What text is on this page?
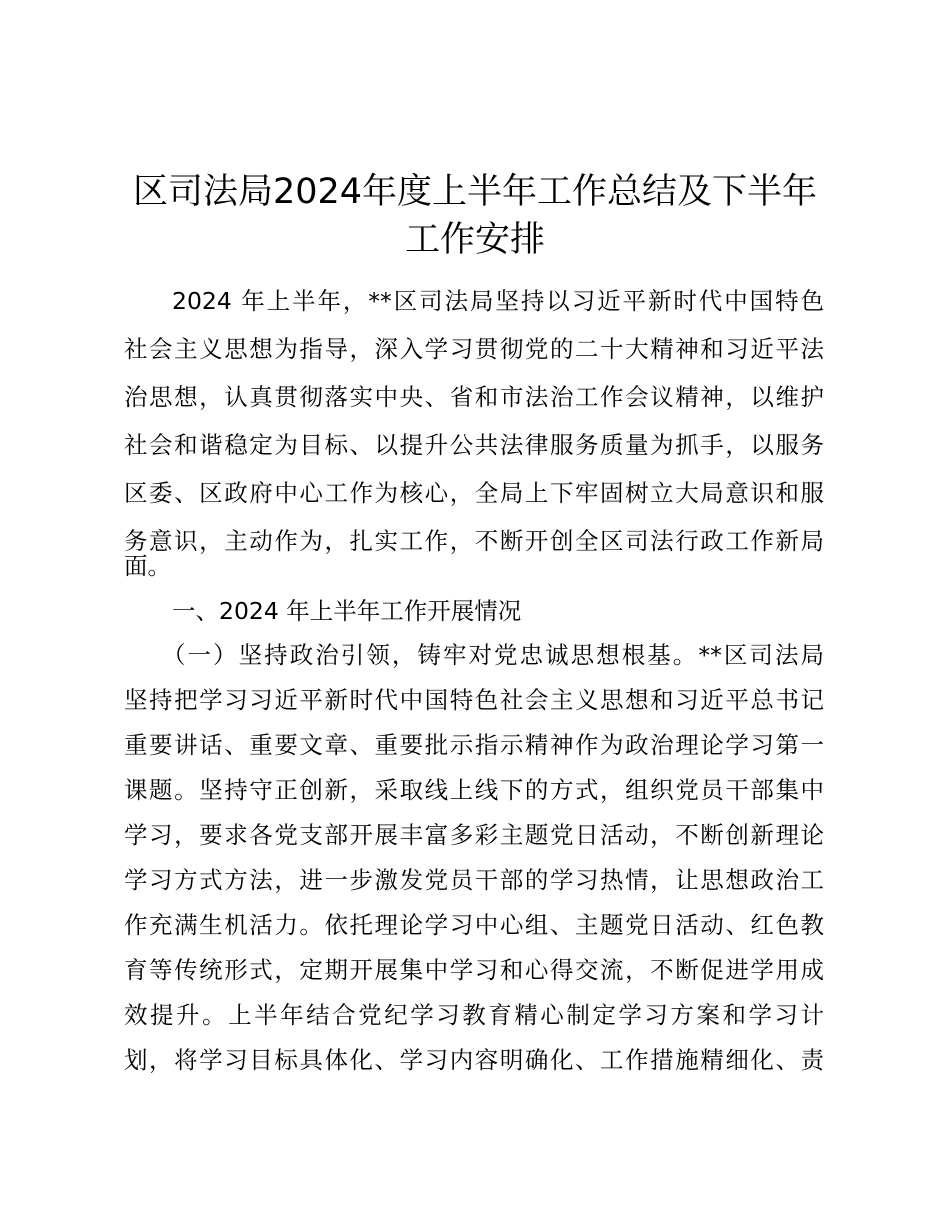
区司法局2024年度上半年工作总结及下半年
工作安排

2024 年上半年，**区司法局坚持以习近平新时代中国特色

社会主义思想为指导，深入学习贯彻党的二十大精神和习近平法

治思想，认真贯彻落实中央、省和市法治工作会议精神，以维护

社会和谐稳定为目标、以提升公共法律服务质量为抓手，以服务

区委、区政府中心工作为核心，全局上下牢固树立大局意识和服

务意识，主动作为，扎实工作，不断开创全区司法行政工作新局

面。

一、2024 年上半年工作开展情况

（一）坚持政治引领，铸牢对党忠诚思想根基。**区司法局

坚持把学习习近平新时代中国特色社会主义思想和习近平总书记

重要讲话、重要文章、重要批示指示精神作为政治理论学习第一

课题。坚持守正创新，采取线上线下的方式，组织党员干部集中

学习，要求各党支部开展丰富多彩主题党日活动，不断创新理论

学习方式方法，进一步激发党员干部的学习热情，让思想政治工

作充满生机活力。依托理论学习中心组、主题党日活动、红色教

育等传统形式，定期开展集中学习和心得交流，不断促进学用成

效提升。上半年结合党纪学习教育精心制定学习方案和学习计

划，将学习目标具体化、学习内容明确化、工作措施精细化、责
